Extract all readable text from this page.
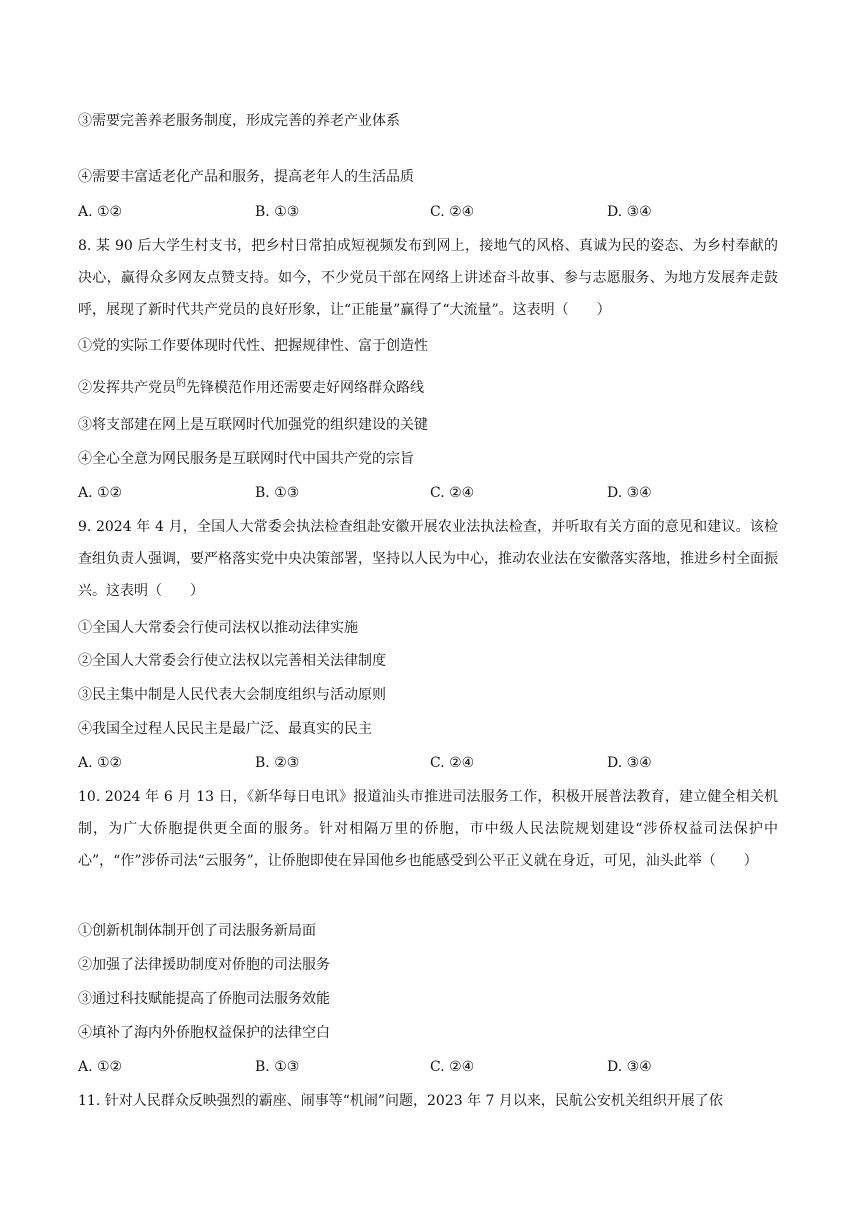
③需要完善养老服务制度，形成完善的养老产业体系
④需要丰富适老化产品和服务，提高老年人的生活品质
A. ①②	B. ①③	C. ②④	D. ③④
8. 某 90 后大学生村支书，把乡村日常拍成短视频发布到网上，接地气的风格、真诚为民的姿态、为乡村奉献的决心，赢得众多网友点赞支持。如今，不少党员干部在网络上讲述奋斗故事、参与志愿服务、为地方发展奔走鼓呼，展现了新时代共产党员的良好形象，让“正能量”赢得了“大流量”。这表明（　　）
①党的实际工作要体现时代性、把握规律性、富于创造性
②发挥共产党员$^的$先锋模范作用还需要走好网络群众路线
③将支部建在网上是互联网时代加强党的组织建设的关键
④全心全意为网民服务是互联网时代中国共产党的宗旨
A. ①②	B. ①③	C. ②④	D. ③④
9. 2024 年 4 月，全国人大常委会执法检查组赴安徽开展农业法执法检查，并听取有关方面的意见和建议。该检查组负责人强调，要严格落实党中央决策部署，坚持以人民为中心，推动农业法在安徽落实落地，推进乡村全面振兴。这表明（　　）
①全国人大常委会行使司法权以推动法律实施
②全国人大常委会行使立法权以完善相关法律制度
③民主集中制是人民代表大会制度组织与活动原则
④我国全过程人民民主是最广泛、最真实的民主
A. ①②	B. ②③	C. ②④	D. ③④
10. 2024 年 6 月 13 日，《新华每日电讯》报道汕头市推进司法服务工作，积极开展普法教育，建立健全相关机制，为广大侨胞提供更全面的服务。针对相隔万里的侨胞，市中级人民法院规划建设“涉侨权益司法保护中心”，“作”涉侨司法“云服务”，让侨胞即使在异国他乡也能感受到公平正义就在身近，可见，汕头此举（　　）
①创新机制体制开创了司法服务新局面
②加强了法律援助制度对侨胞的司法服务
③通过科技赋能提高了侨胞司法服务效能
④填补了海内外侨胞权益保护的法律空白
A. ①②	B. ①③	C. ②④	D. ③④
11. 针对人民群众反映强烈的霸座、闹事等“机闹”问题，2023 年 7 月以来，民航公安机关组织开展了依
